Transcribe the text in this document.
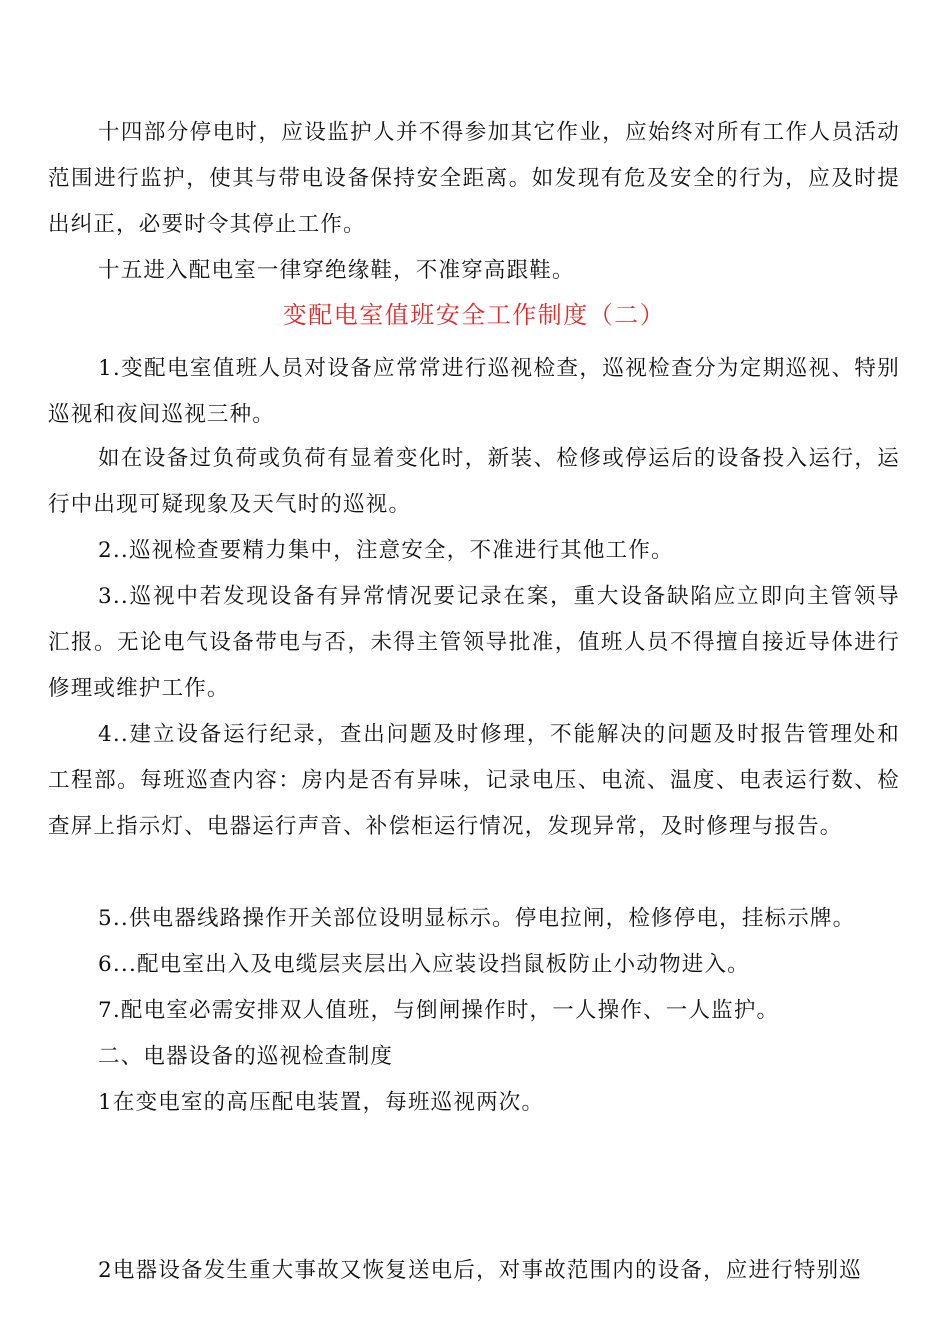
十四部分停电时，应设监护人并不得参加其它作业，应始终对所有工作人员活动范围进行监护，使其与带电设备保持安全距离。如发现有危及安全的行为，应及时提出纠正，必要时令其停止工作。

十五进入配电室一律穿绝缘鞋，不准穿高跟鞋。

变配电室值班安全工作制度（二）

1.变配电室值班人员对设备应常常进行巡视检查，巡视检查分为定期巡视、特别巡视和夜间巡视三种。

如在设备过负荷或负荷有显着变化时，新装、检修或停运后的设备投入运行，运行中出现可疑现象及天气时的巡视。

2..巡视检查要精力集中，注意安全，不准进行其他工作。

3..巡视中若发现设备有异常情况要记录在案，重大设备缺陷应立即向主管领导汇报。无论电气设备带电与否，未得主管领导批准，值班人员不得擅自接近导体进行修理或维护工作。

4..建立设备运行纪录，查出问题及时修理，不能解决的问题及时报告管理处和工程部。每班巡查内容：房内是否有异味，记录电压、电流、温度、电表运行数、检查屏上指示灯、电器运行声音、补偿柜运行情况，发现异常，及时修理与报告。

5..供电器线路操作开关部位设明显标示。停电拉闸，检修停电，挂标示牌。

6...配电室出入及电缆层夹层出入应装设挡鼠板防止小动物进入。

7.配电室必需安排双人值班，与倒闸操作时，一人操作、一人监护。

二、电器设备的巡视检查制度

1在变电室的高压配电装置，每班巡视两次。

2电器设备发生重大事故又恢复送电后，对事故范围内的设备，应进行特别巡
